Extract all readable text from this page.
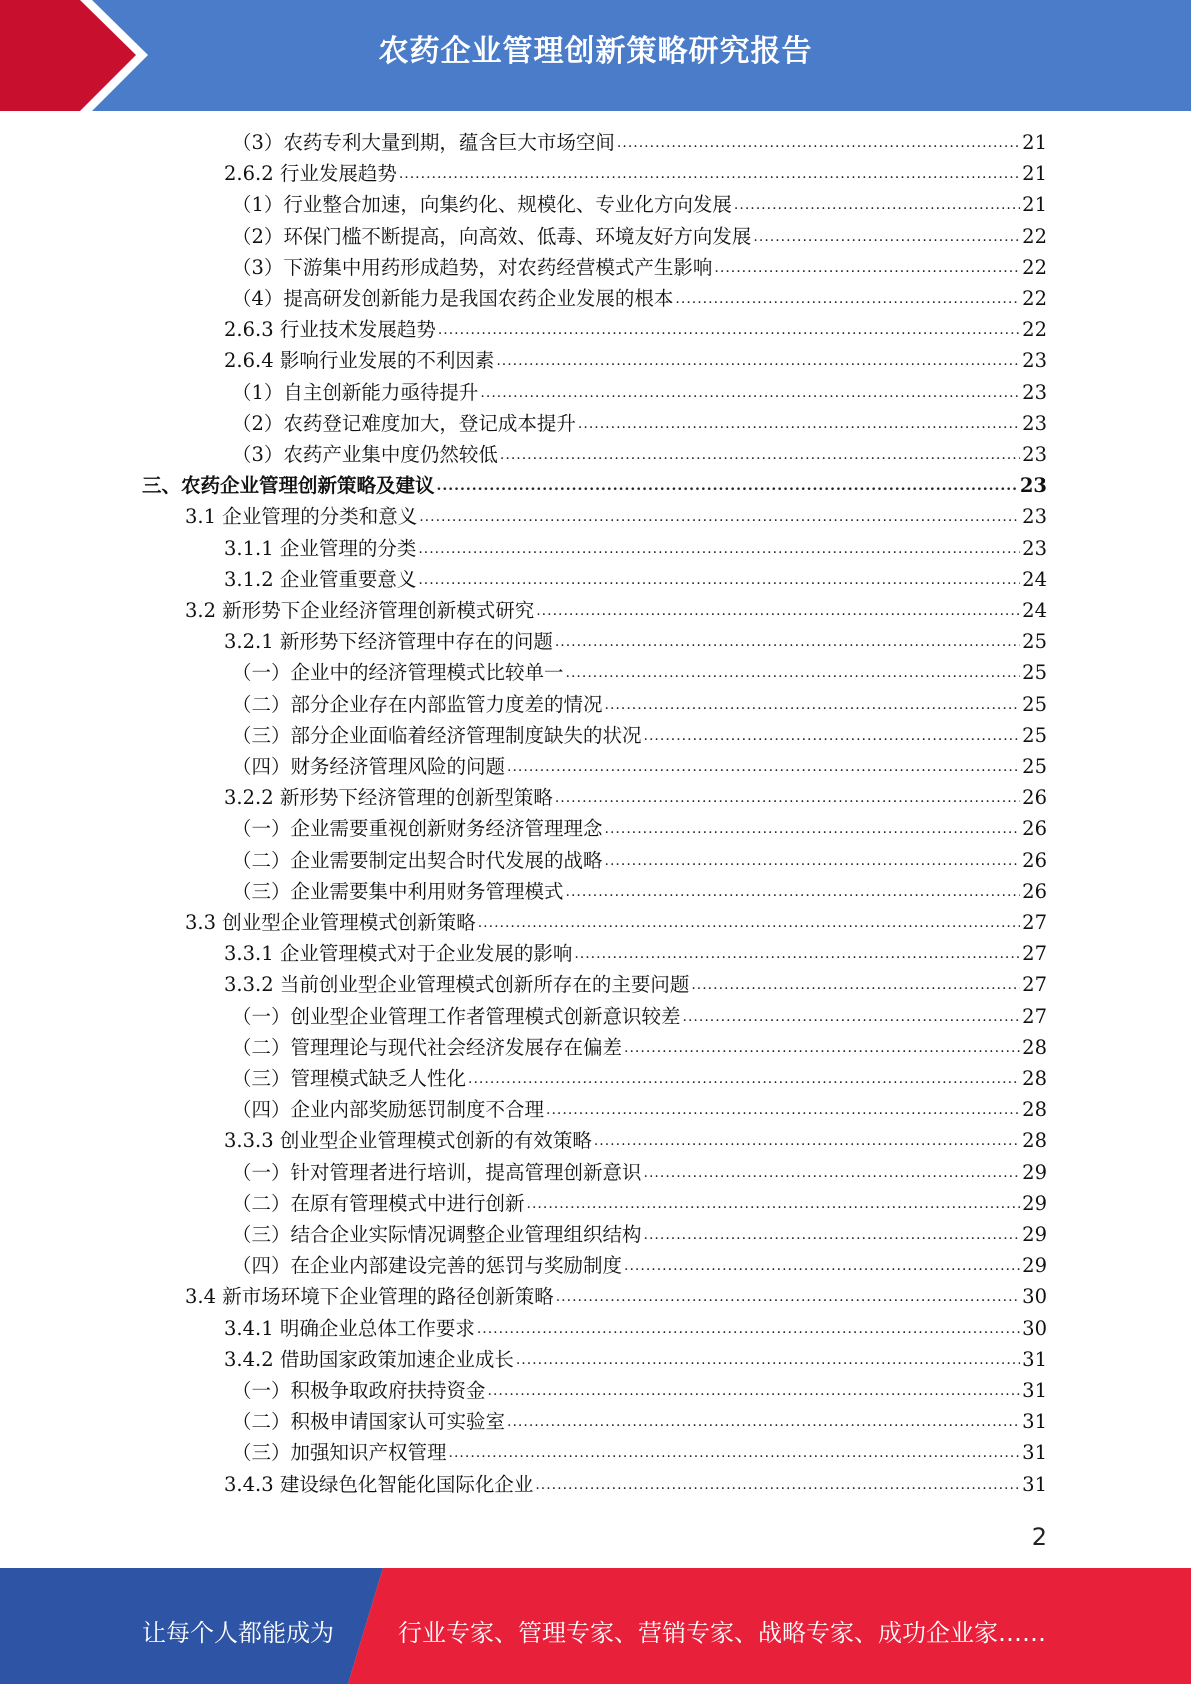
农药企业管理创新策略研究报告
（3）农药专利大量到期，蕴含巨大市场空间 .....	21
2.6.2 行业发展趋势 .....	21
（1）行业整合加速，向集约化、规模化、专业化方向发展 .....	21
（2）环保门槛不断提高，向高效、低毒、环境友好方向发展 .....	22
（3）下游集中用药形成趋势，对农药经营模式产生影响 .....	22
（4）提高研发创新能力是我国农药企业发展的根本 .....	22
2.6.3 行业技术发展趋势 .....	22
2.6.4 影响行业发展的不利因素 .....	23
（1）自主创新能力亟待提升 .....	23
（2）农药登记难度加大，登记成本提升 .....	23
（3）农药产业集中度仍然较低 .....	23
三、农药企业管理创新策略及建议 .....	23
3.1 企业管理的分类和意义 .....	23
3.1.1 企业管理的分类 .....	23
3.1.2 企业管重要意义 .....	24
3.2 新形势下企业经济管理创新模式研究 .....	24
3.2.1 新形势下经济管理中存在的问题 .....	25
（一）企业中的经济管理模式比较单一 .....	25
（二）部分企业存在内部监管力度差的情况 .....	25
（三）部分企业面临着经济管理制度缺失的状况 .....	25
（四）财务经济管理风险的问题 .....	25
3.2.2 新形势下经济管理的创新型策略 .....	26
（一）企业需要重视创新财务经济管理理念 .....	26
（二）企业需要制定出契合时代发展的战略 .....	26
（三）企业需要集中利用财务管理模式 .....	26
3.3 创业型企业管理模式创新策略 .....	27
3.3.1 企业管理模式对于企业发展的影响 .....	27
3.3.2 当前创业型企业管理模式创新所存在的主要问题 .....	27
（一）创业型企业管理工作者管理模式创新意识较差 .....	27
（二）管理理论与现代社会经济发展存在偏差 .....	28
（三）管理模式缺乏人性化 .....	28
（四）企业内部奖励惩罚制度不合理 .....	28
3.3.3 创业型企业管理模式创新的有效策略 .....	28
（一）针对管理者进行培训，提高管理创新意识 .....	29
（二）在原有管理模式中进行创新 .....	29
（三）结合企业实际情况调整企业管理组织结构 .....	29
（四）在企业内部建设完善的惩罚与奖励制度 .....	29
3.4 新市场环境下企业管理的路径创新策略 .....	30
3.4.1 明确企业总体工作要求 .....	30
3.4.2 借助国家政策加速企业成长 .....	31
（一）积极争取政府扶持资金 .....	31
（二）积极申请国家认可实验室 .....	31
（三）加强知识产权管理 .....	31
3.4.3 建设绿色化智能化国际化企业 .....	31
2
让每个人都能成为	行业专家、管理专家、营销专家、战略专家、成功企业家……
